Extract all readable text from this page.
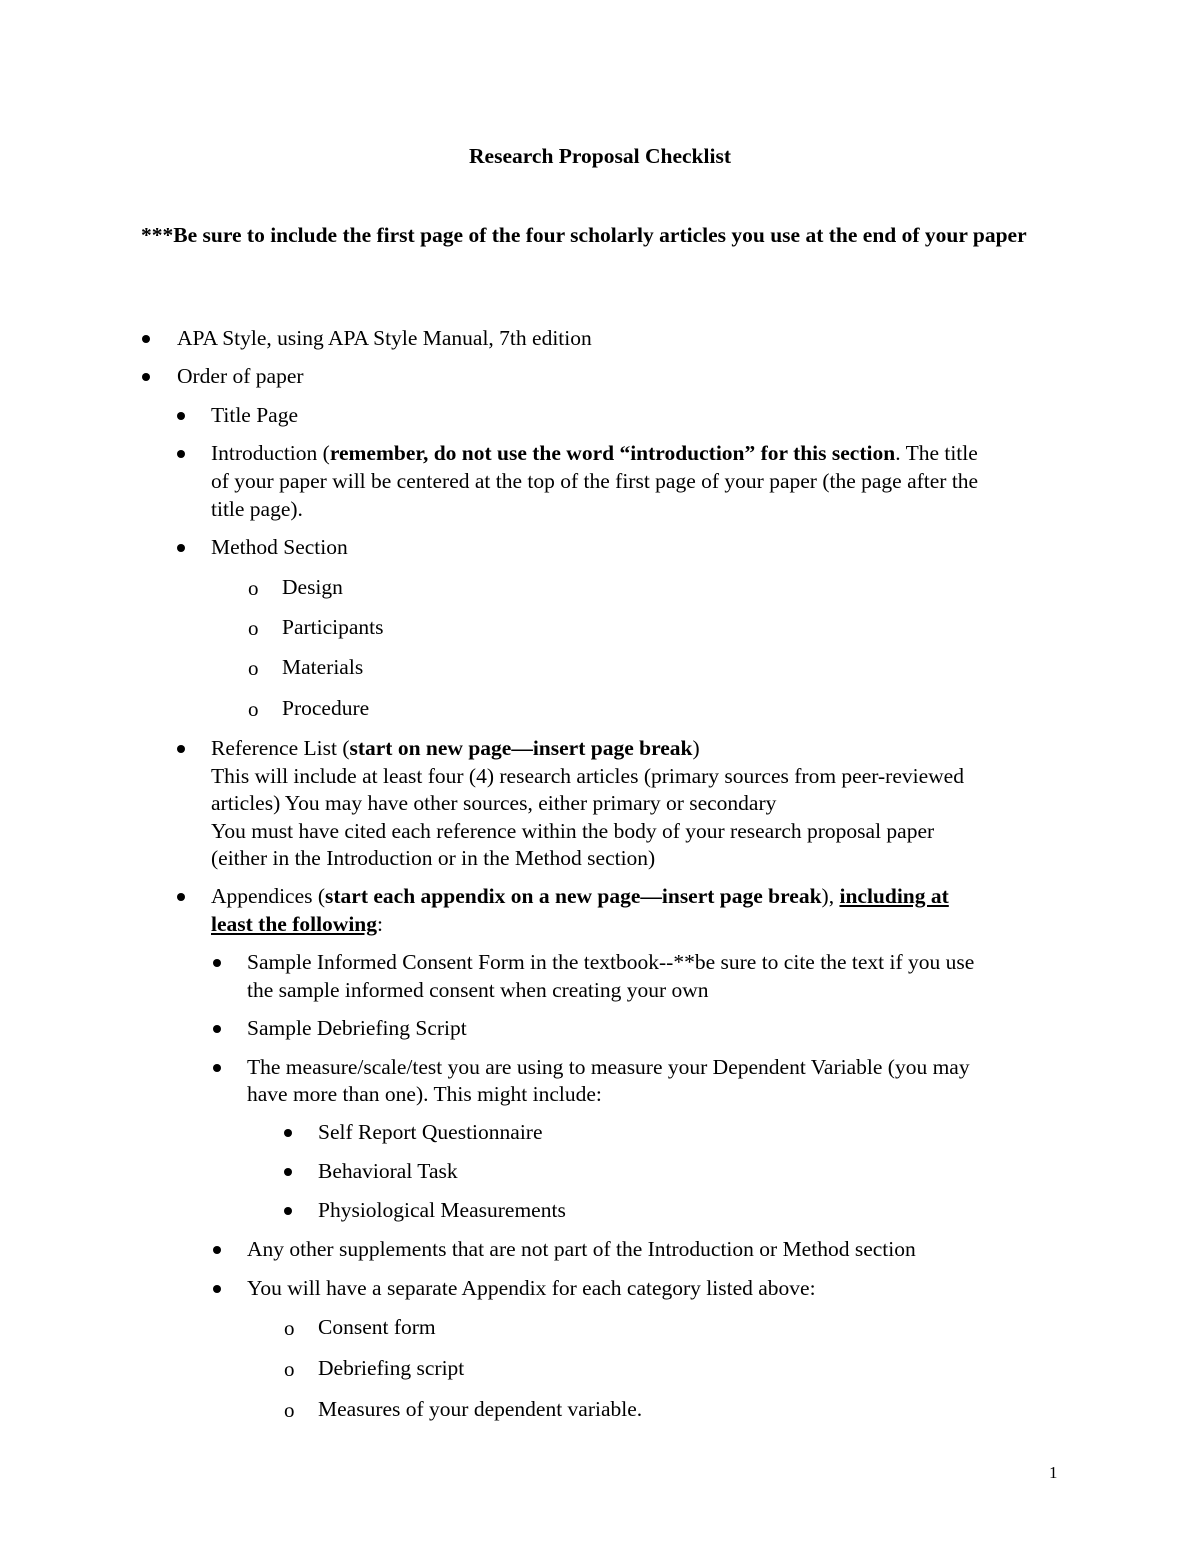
Research Proposal Checklist
***Be sure to include the first page of the four scholarly articles you use at the end of your paper
APA Style, using APA Style Manual, 7th edition
Order of paper
Title Page
Introduction (remember, do not use the word “introduction” for this section. The title
of your paper will be centered at the top of the first page of your paper (the page after the
title page).
Method Section
o Design
o Participants
o Materials
o Procedure
Reference List (start on new page—insert page break)
This will include at least four (4) research articles (primary sources from peer-reviewed
articles) You may have other sources, either primary or secondary
You must have cited each reference within the body of your research proposal paper
(either in the Introduction or in the Method section)
Appendices (start each appendix on a new page—insert page break), including at
least the following:
Sample Informed Consent Form in the textbook--**be sure to cite the text if you use
the sample informed consent when creating your own
Sample Debriefing Script
The measure/scale/test you are using to measure your Dependent Variable (you may
have more than one). This might include:
Self Report Questionnaire
Behavioral Task
Physiological Measurements
Any other supplements that are not part of the Introduction or Method section
You will have a separate Appendix for each category listed above:
o Consent form
o Debriefing script
o Measures of your dependent variable.
1
